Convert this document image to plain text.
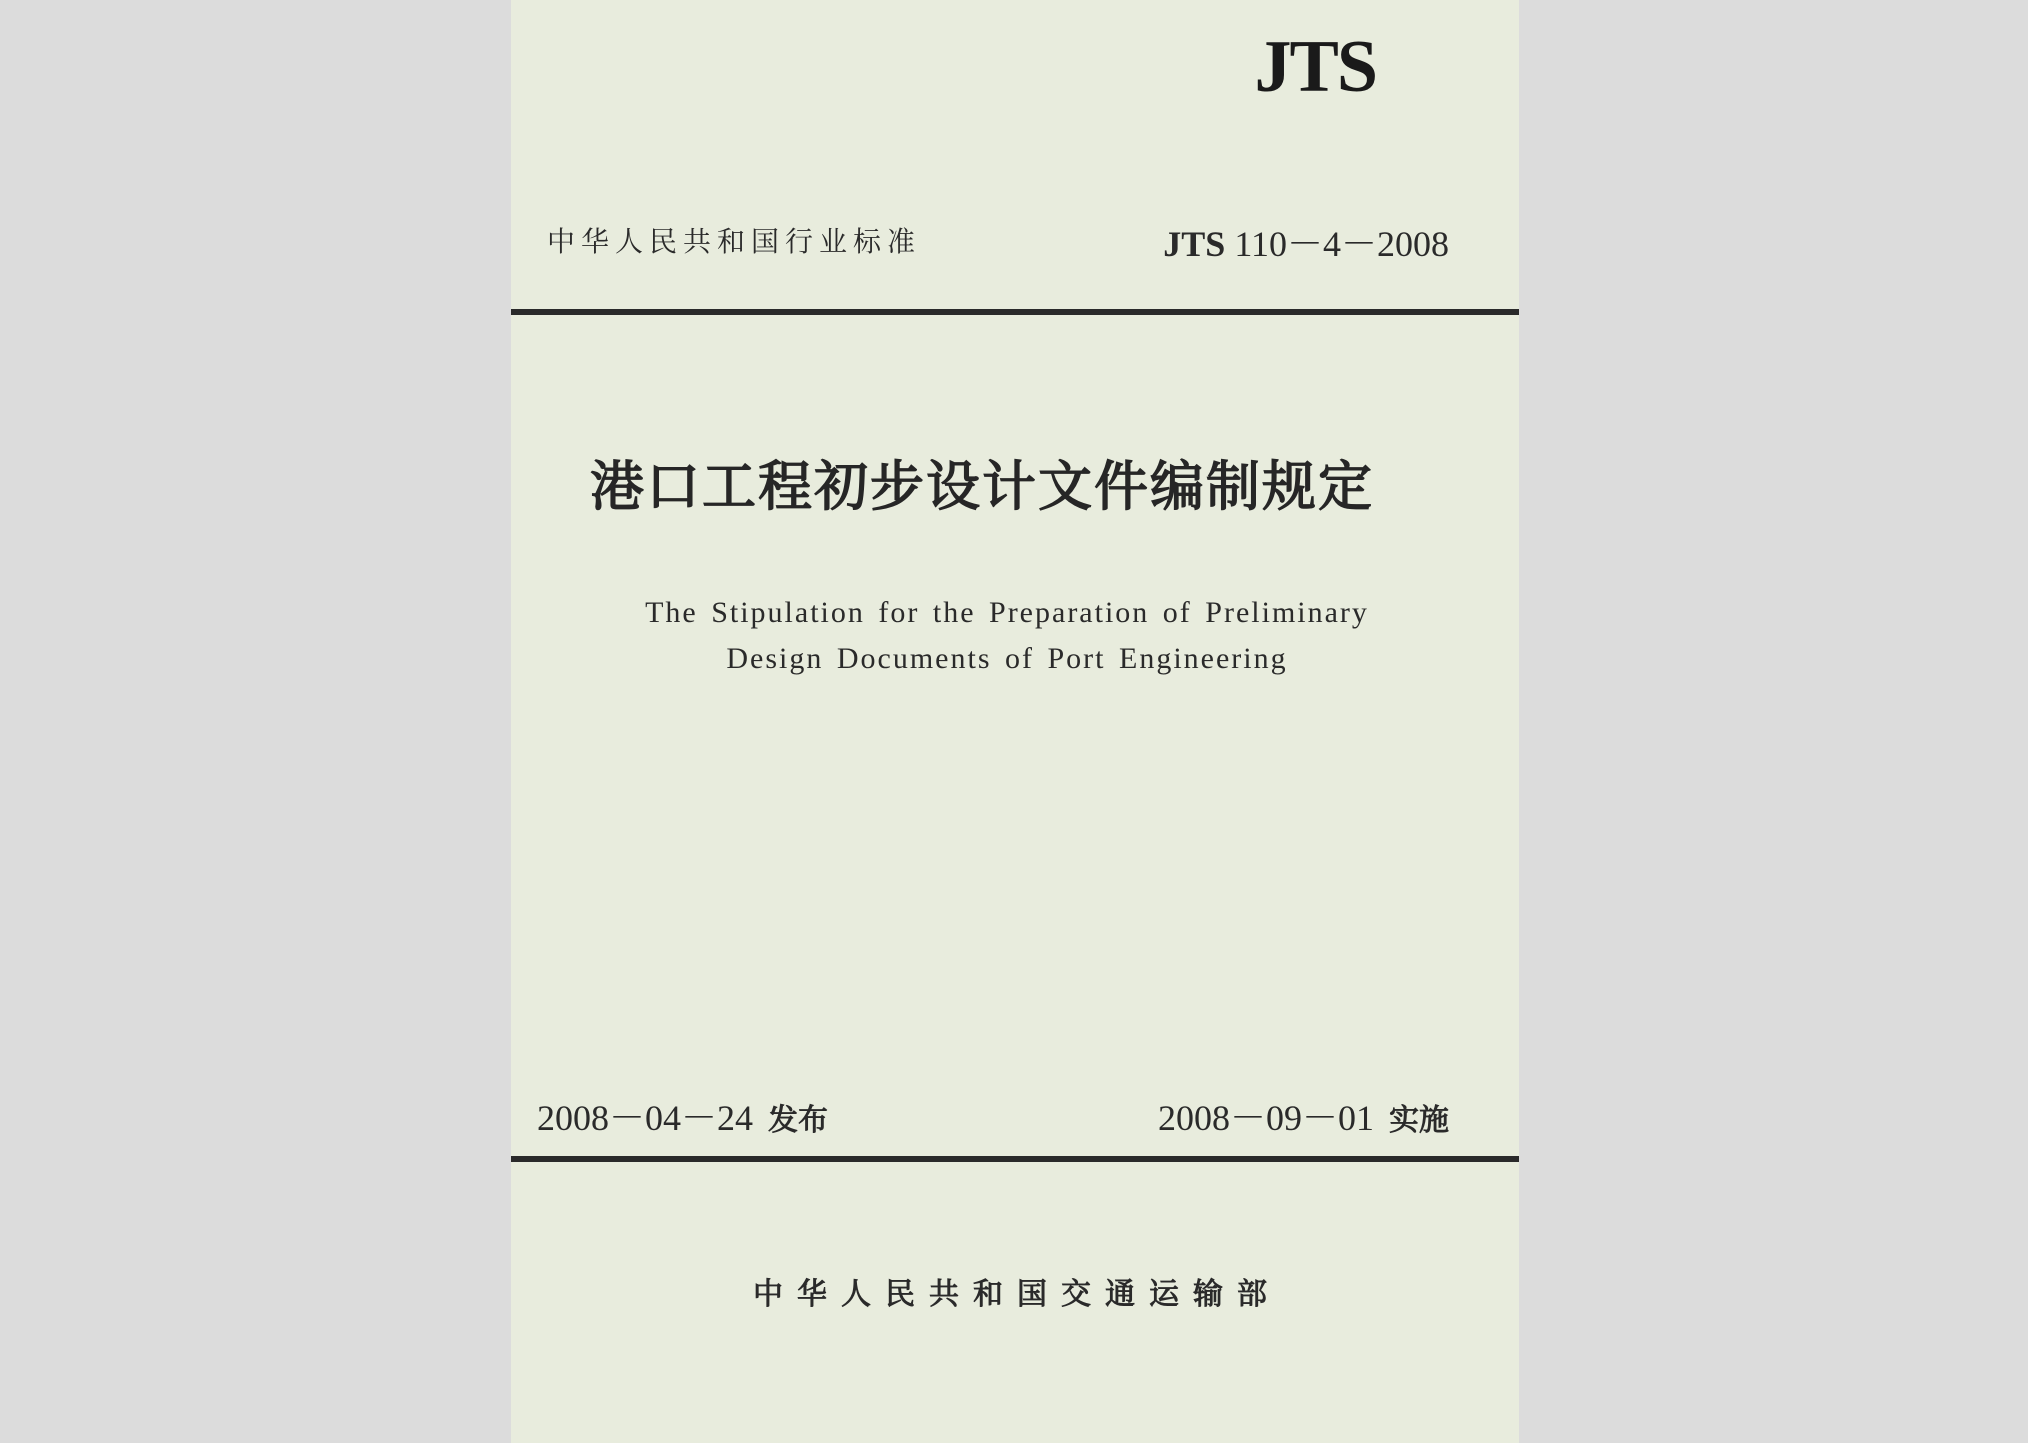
JTS
中华人民共和国行业标准	JTS 110－4－2008
港口工程初步设计文件编制规定
The Stipulation for the Preparation of Preliminary
Design Documents of Port Engineering
2008－04－24 发布	2008－09－01 实施
中华人民共和国交通运输部
